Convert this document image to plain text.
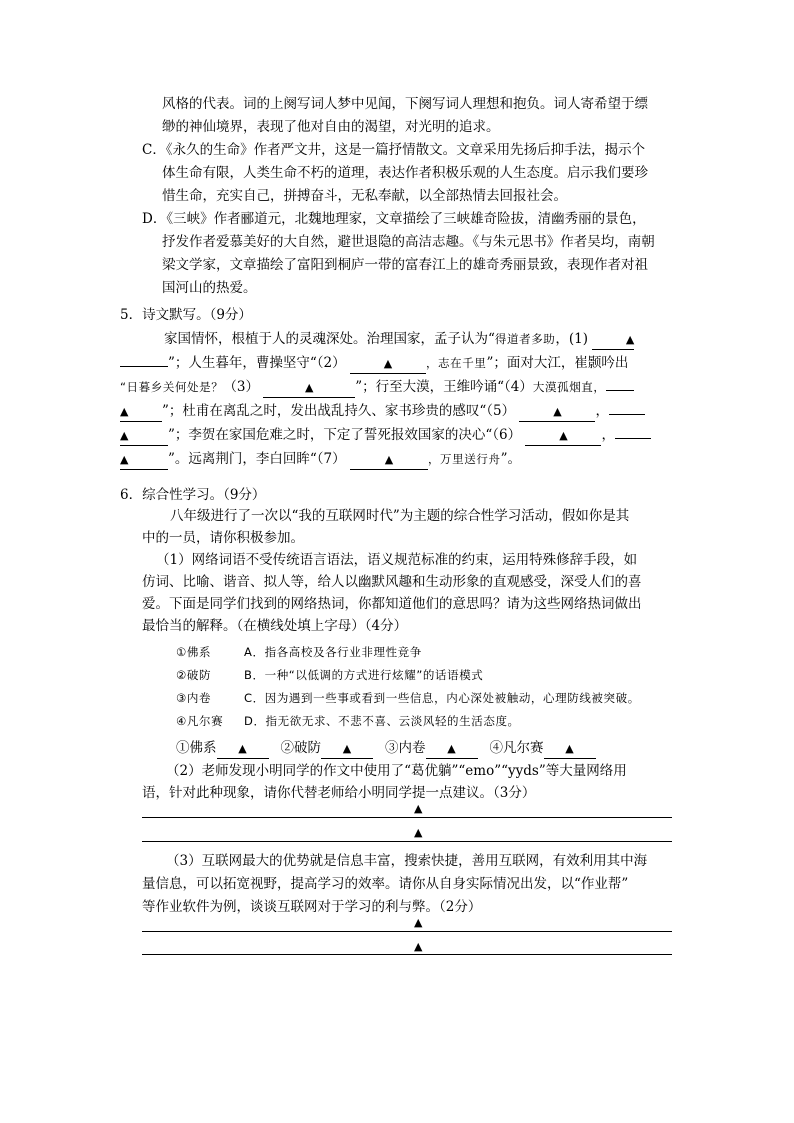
风格的代表。词的上阕写词人梦中见闻，下阕写词人理想和抱负。词人寄希望于缥
缈的神仙境界，表现了他对自由的渴望，对光明的追求。
C．《永久的生命》作者严文井，这是一篇抒情散文。文章采用先扬后抑手法，揭示个
体生命有限，人类生命不朽的道理，表达作者积极乐观的人生态度。启示我们要珍
惜生命，充实自己，拼搏奋斗，无私奉献，以全部热情去回报社会。
D．《三峡》作者郦道元，北魏地理家，文章描绘了三峡雄奇险拔，清幽秀丽的景色，
抒发作者爱慕美好的大自然，避世退隐的高洁志趣。《与朱元思书》作者吴均，南朝
梁文学家，文章描绘了富阳到桐庐一带的富春江上的雄奇秀丽景致，表现作者对祖
国河山的热爱。
5．诗文默写。（9分）
家国情怀，根植于人的灵魂深处。治理国家，孟子认为“得道者多助，(1)	▲
”；人生暮年，曹操坚守“（2）	▲	，志在千里”；面对大江，崔颢吟出
“日暮乡关何处是？（3）	▲	”；行至大漠，王维吟诵“（4）大漠孤烟直，
▲ ”；杜甫在离乱之时，发出战乱持久、家书珍贵的感叹“（5）	▲	，
▲	”；李贺在家国危难之时，下定了誓死报效国家的决心“（6）	▲	，
▲	”。远离荆门，李白回眸“（7）	▲	，万里送行舟”。
6．综合性学习。（9分）
八年级进行了一次以“我的互联网时代”为主题的综合性学习活动，假如你是其
中的一员，请你积极参加。
（1）网络词语不受传统语言语法，语义规范标准的约束，运用特殊修辞手段，如
仿词、比喻、谐音、拟人等，给人以幽默风趣和生动形象的直观感受，深受人们的喜
爱。下面是同学们找到的网络热词，你都知道他们的意思吗？请为这些网络热词做出
最恰当的解释。（在横线处填上字母）（4分）
①佛系	A．指各高校及各行业非理性竞争
②破防	B．一种“以低调的方式进行炫耀”的话语模式
③内卷	C．因为遇到一些事或看到一些信息，内心深处被触动，心理防线被突破。
④凡尔赛 D．指无欲无求、不悲不喜、云淡风轻的生活态度。
①佛系 ▲	②破防 ▲	③内卷 ▲	④凡尔赛 ▲
（2）老师发现小明同学的作文中使用了“葛优躺”“emo”“yyds”等大量网络用
语，针对此种现象，请你代替老师给小明同学提一点建议。（3分）
▲
▲
（3）互联网最大的优势就是信息丰富，搜索快捷，善用互联网，有效利用其中海
量信息，可以拓宽视野，提高学习的效率。请你从自身实际情况出发，以“作业帮”
等作业软件为例，谈谈互联网对于学习的利与弊。（2分）
▲
▲
